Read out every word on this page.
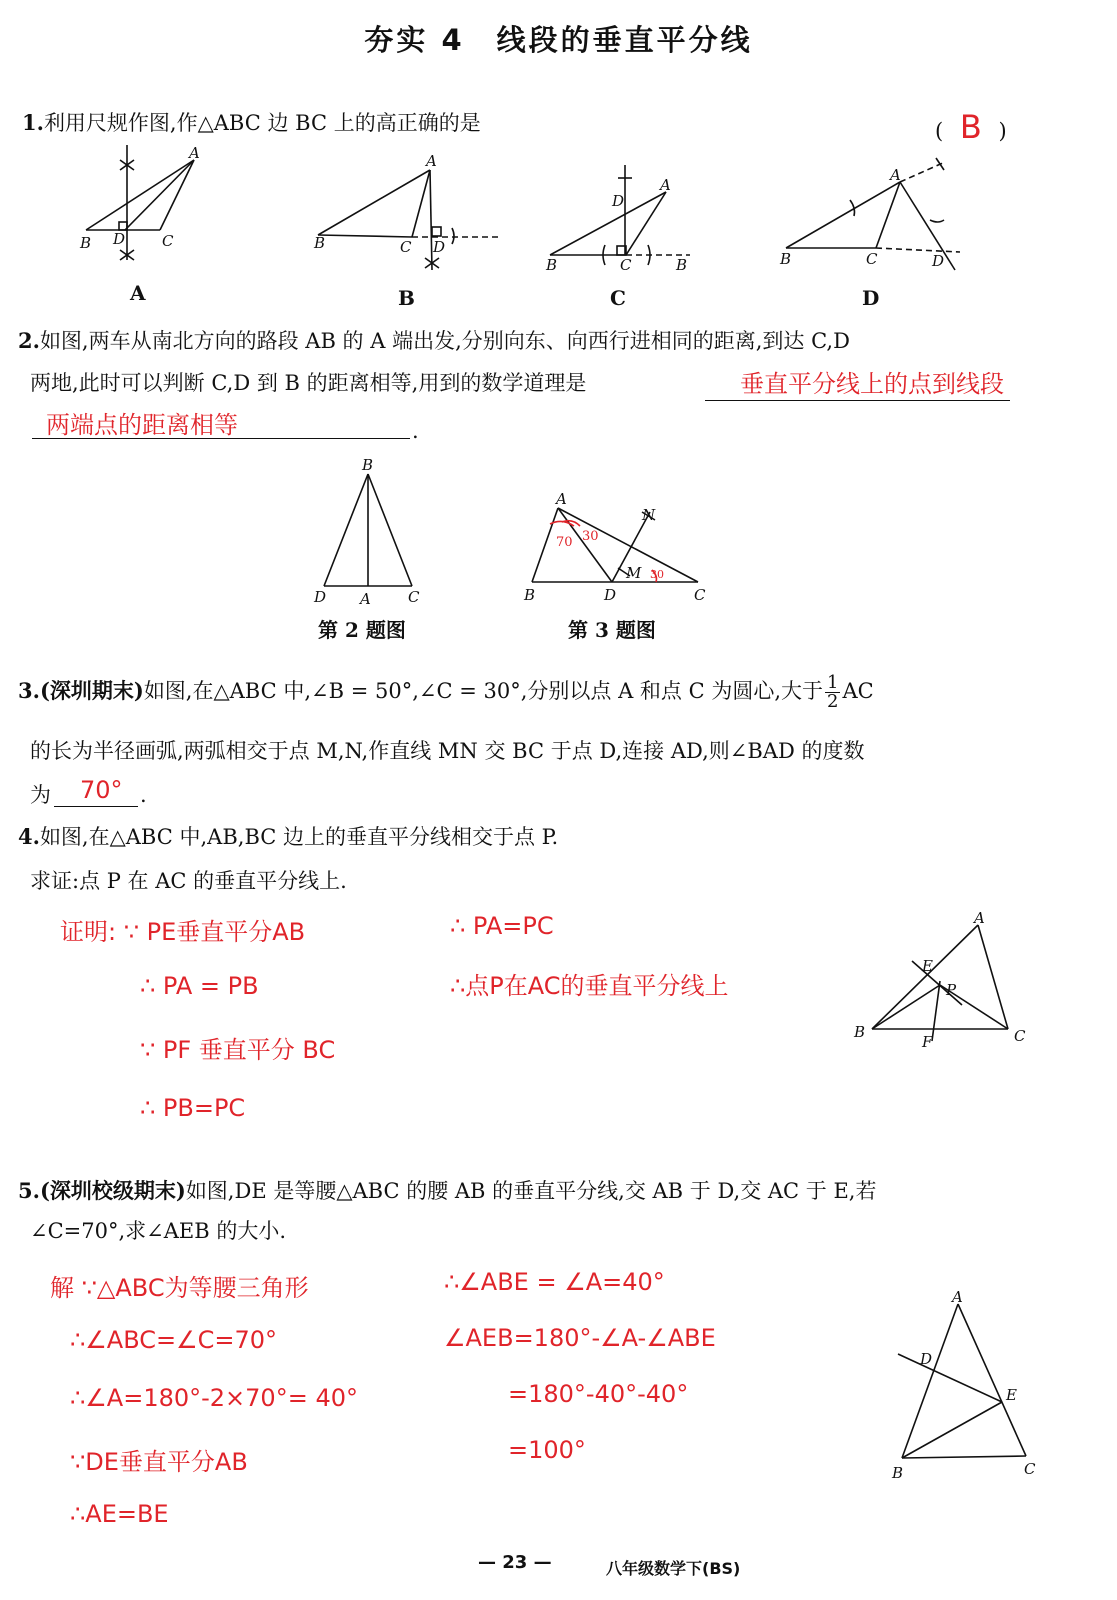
夯实 4　线段的垂直平分线
1.利用尺规作图,作△ABC 边 BC 上的高正确的是	( B )
B D C
A
A
B	C D
A
B
B	C	B
D
A
C
B	C	D
A
D
2.如图,两车从南北方向的路段 AB 的 A 端出发,分别向东、向西行进相同的距离,到达 C,D
两地,此时可以判断 C,D 到 B 的距离相等,用到的数学道理是	垂直平分线上的点到线段
两端点的距离相等	.
B
D A C
A
N
M
B	D	C
70 30
30
第 2 题图	第 3 题图
3.(深圳期末)如图,在△ABC 中,∠B = 50°,∠C = 30°,分别以点 A 和点 C 为圆心,大于 $\frac{1}{2}$ AC
的长为半径画弧,两弧相交于点 M,N,作直线 MN 交 BC 于点 D,连接 AD,则∠BAD 的度数
为 70° .
4.如图,在△ABC 中,AB,BC 边上的垂直平分线相交于点 P.
求证:点 P 在 AC 的垂直平分线上.
证明: ∵ PE垂直平分AB
∴ PA = PB
∵ PF 垂直平分 BC
∴ PB=PC
∴ PA=PC
∴点P在AC的垂直平分线上
A
E
P
B
F	C
5.(深圳校级期末)如图,DE 是等腰△ABC 的腰 AB 的垂直平分线,交 AB 于 D,交 AC 于 E,若
∠C=70°,求∠AEB 的大小.
解 ∵△ABC为等腰三角形
∴∠ABC=∠C=70°
∴∠A=180°-2×70°= 40°
∵DE垂直平分AB
∴AE=BE
∴∠ABE = ∠A=40°
∠AEB=180°-∠A-∠ABE
=180°-40°-40°
=100°
A
D
E
B	C
— 23 —	八年级数学下(BS)
